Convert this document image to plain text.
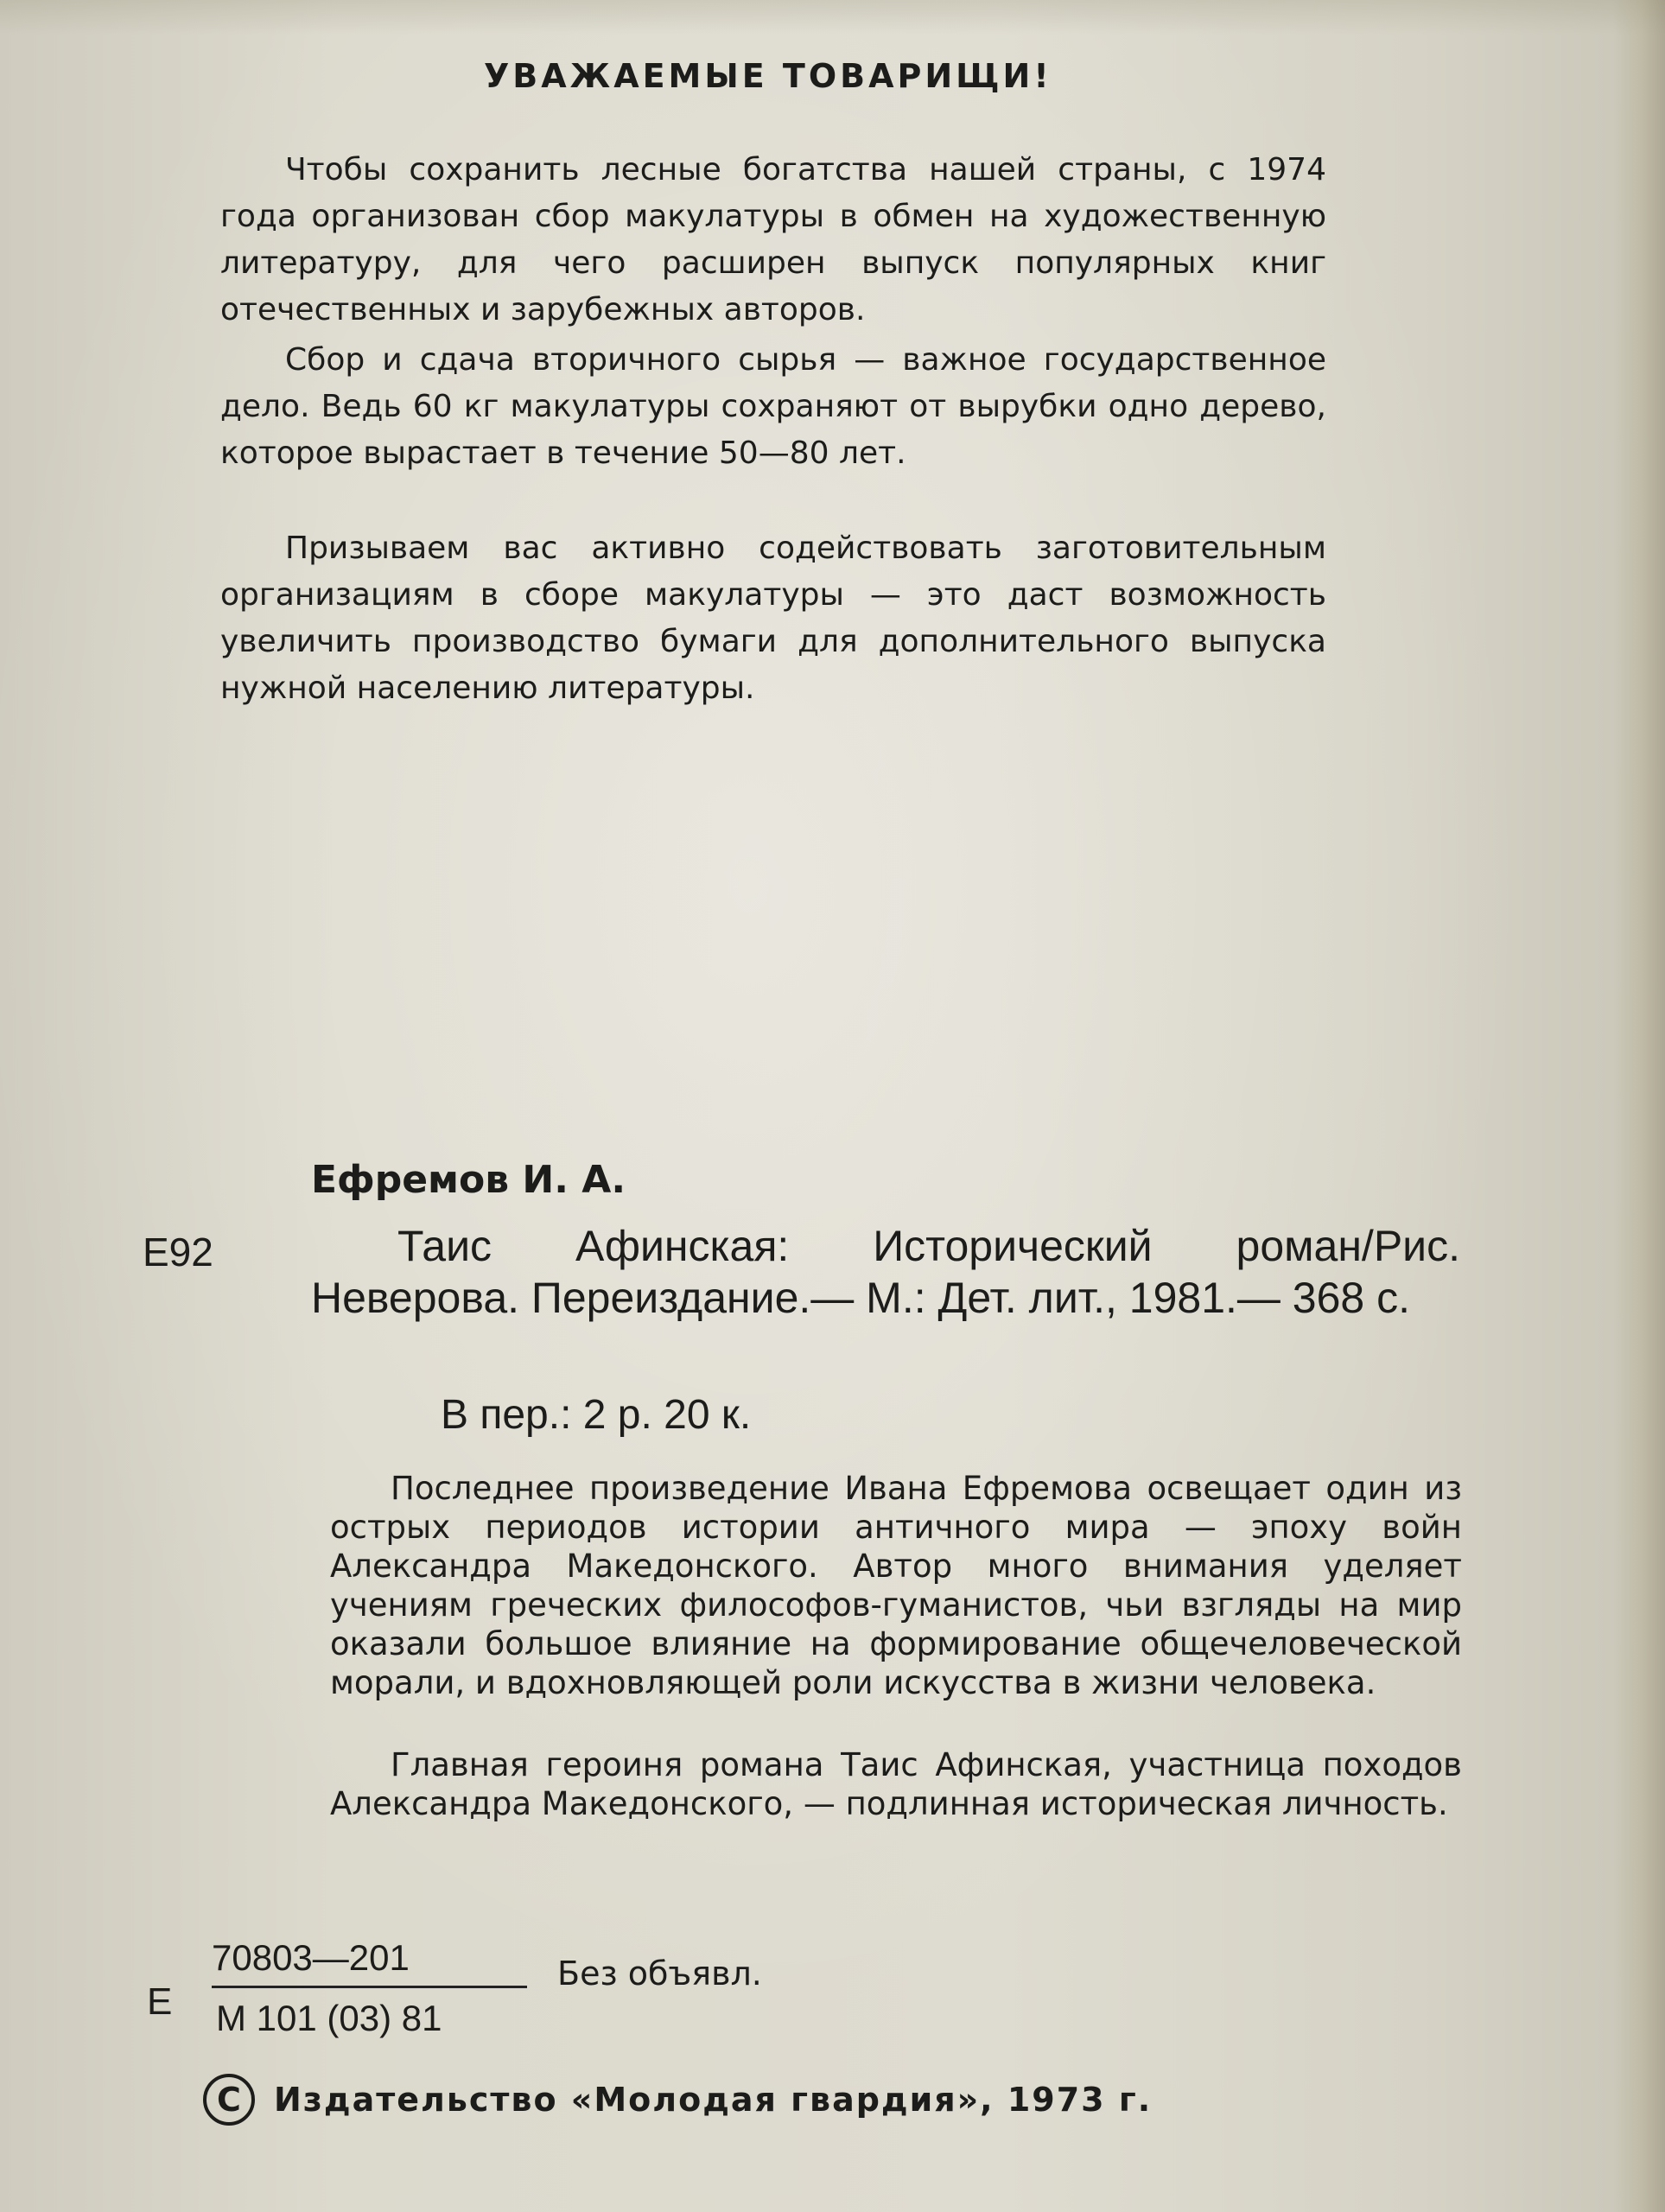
УВАЖАЕМЫЕ ТОВАРИЩИ!

Чтобы сохранить лесные богатства нашей страны, с 1974 года организован сбор макулатуры в обмен на художественную литературу, для чего расширен выпуск популярных книг отечественных и зарубежных авторов.

Сбор и сдача вторичного сырья — важное государственное дело. Ведь 60 кг макулатуры сохраняют от вырубки одно дерево, которое вырастает в течение 50—80 лет.

Призываем вас активно содействовать заготовительным организациям в сборе макулатуры — это даст возможность увеличить производство бумаги для дополнительного выпуска нужной населению литературы.

Ефремов И. А.

Е92	Таис Афинская: Исторический роман/Рис. Неверова. Переиздание.— М.: Дет. лит., 1981.— 368 с.

В пер.: 2 р. 20 к.

Последнее произведение Ивана Ефремова освещает один из острых периодов истории античного мира — эпоху войн Александра Македонского. Автор много внимания уделяет учениям греческих философов-гуманистов, чьи взгляды на мир оказали большое влияние на формирование общечеловеческой морали, и вдохновляющей роли искусства в жизни человека.

Главная героиня романа Таис Афинская, участница походов Александра Македонского, — подлинная историческая личность.

Е

70803—201

М 101 (03) 81

Без объявл.

C	Издательство «Молодая гвардия», 1973 г.
